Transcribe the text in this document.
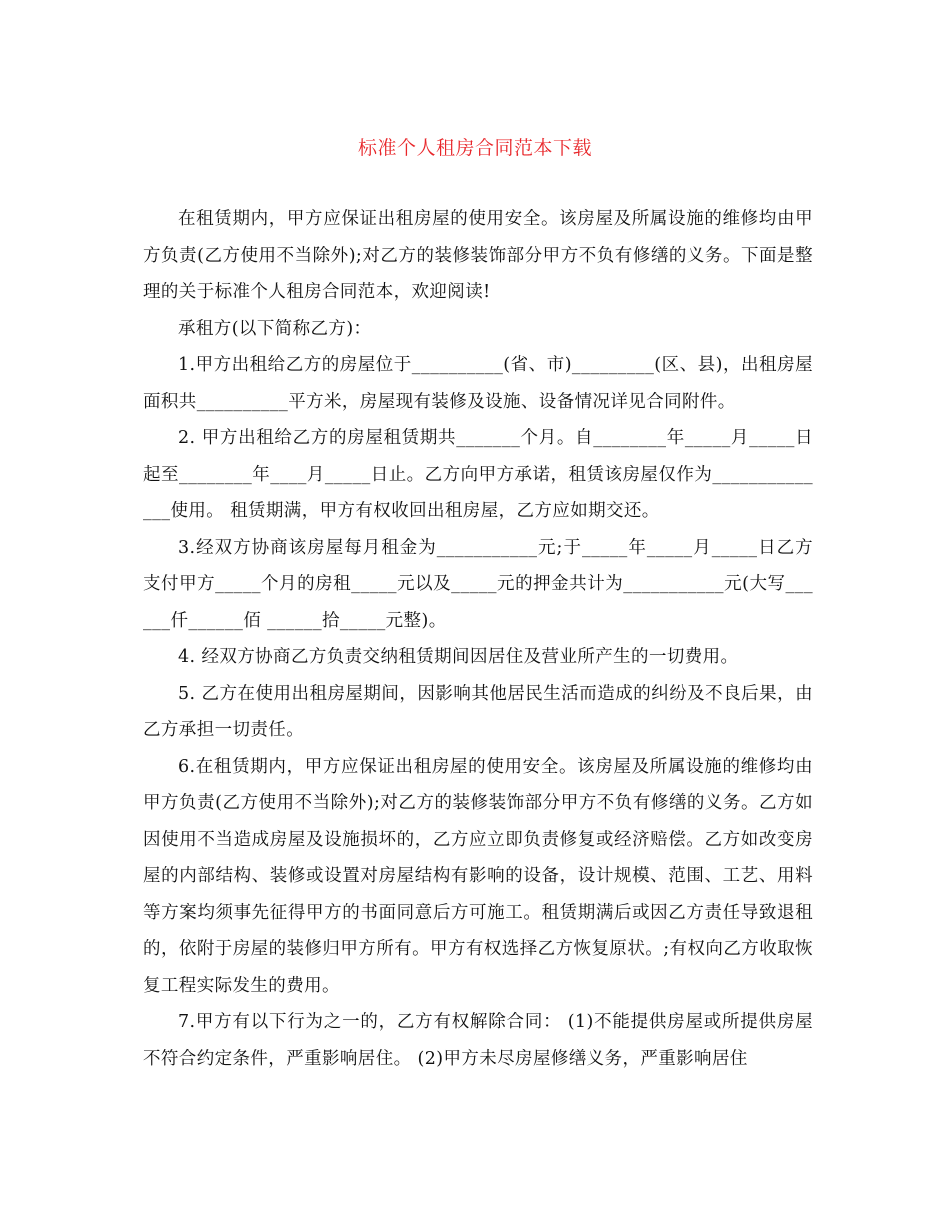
标准个人租房合同范本下载

在租赁期内，甲方应保证出租房屋的使用安全。该房屋及所属设施的维修均由甲方负责(乙方使用不当除外);对乙方的装修装饰部分甲方不负有修缮的义务。下面是整理的关于标准个人租房合同范本，欢迎阅读!

承租方(以下简称乙方)：

1.甲方出租给乙方的房屋位于__________(省、市)_________(区、县)，出租房屋面积共__________平方米，房屋现有装修及设施、设备情况详见合同附件。

2. 甲方出租给乙方的房屋租赁期共_______个月。自________年_____月_____日起至________年____月_____日止。乙方向甲方承诺，租赁该房屋仅作为______________使用。 租赁期满，甲方有权收回出租房屋，乙方应如期交还。

3.经双方协商该房屋每月租金为___________元;于_____年_____月_____日乙方支付甲方_____个月的房租_____元以及_____元的押金共计为___________元(大写______仟______佰 ______拾_____元整)。

4. 经双方协商乙方负责交纳租赁期间因居住及营业所产生的一切费用。

5. 乙方在使用出租房屋期间，因影响其他居民生活而造成的纠纷及不良后果，由乙方承担一切责任。

6.在租赁期内，甲方应保证出租房屋的使用安全。该房屋及所属设施的维修均由甲方负责(乙方使用不当除外);对乙方的装修装饰部分甲方不负有修缮的义务。乙方如因使用不当造成房屋及设施损坏的，乙方应立即负责修复或经济赔偿。乙方如改变房屋的内部结构、装修或设置对房屋结构有影响的设备，设计规模、范围、工艺、用料等方案均须事先征得甲方的书面同意后方可施工。租赁期满后或因乙方责任导致退租的，依附于房屋的装修归甲方所有。甲方有权选择乙方恢复原状。;有权向乙方收取恢复工程实际发生的费用。

7.甲方有以下行为之一的，乙方有权解除合同： (1)不能提供房屋或所提供房屋不符合约定条件，严重影响居住。 (2)甲方未尽房屋修缮义务，严重影响居住
